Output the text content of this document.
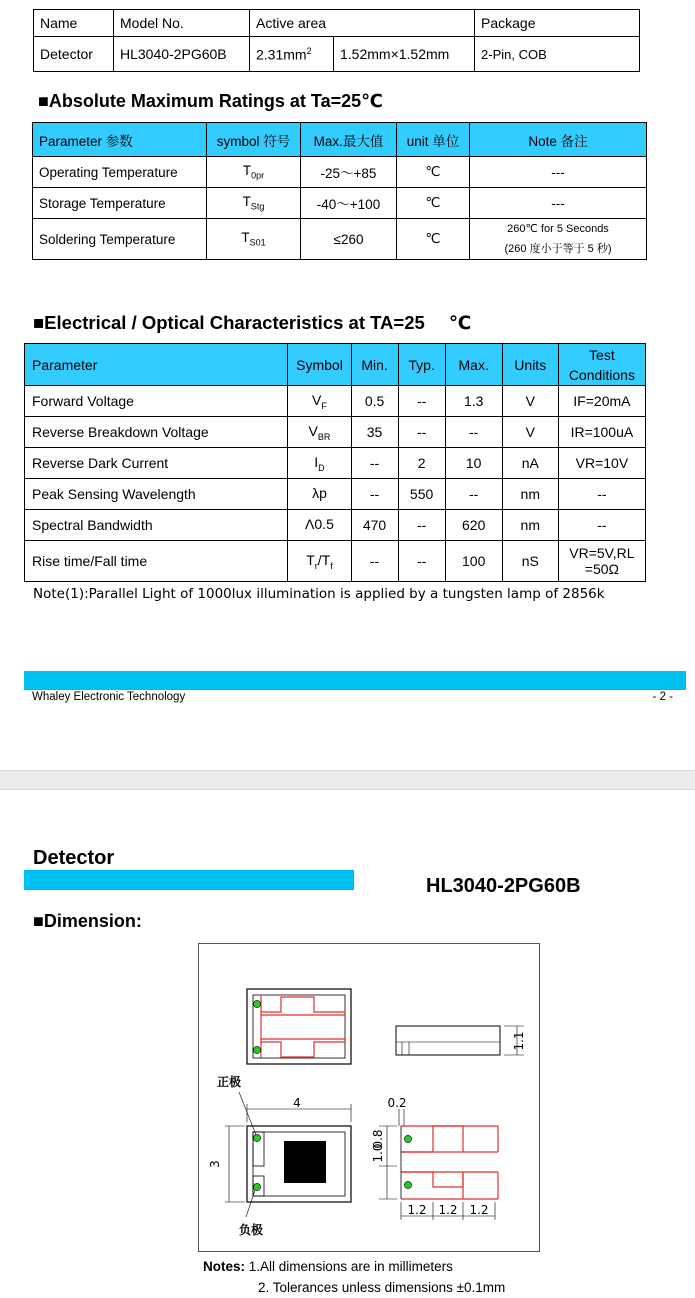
Name	Model No.	Active area		Package
Detector	HL3040-2PG60B	$2.31mm^2$	1.52mm×1.52mm	2-Pin, COB
■Absolute Maximum Ratings at Ta=25℃
Parameter 参数	symbol 符号	Max.最大值	unit 单位	Note 备注
Operating Temperature	$T_{0pr}$	-25～+85	℃	---
Storage Temperature	$T_{Stg}$	-40～+100	℃	---
Soldering Temperature	$T_{S01}$	≤260	℃	260℃ for 5 Seconds
(260 度小于等于 5 秒)
■Electrical / Optical Characteristics at TA=25 ℃
Parameter	Symbol	Min.	Typ.	Max.	Units	Test
Conditions

Forward Voltage	$V_F$	0.5	--	1.3	V	IF=20mA

Reverse Breakdown Voltage	$V_{BR}$	35	--	--	V	IR=100uA

Reverse Dark Current	$I_D$	--	2	10	nA	VR=10V

Peak Sensing Wavelength	λp	--	550	--	nm	--

Spectral Bandwidth	Λ0.5	470	--	620	nm	--

Rise time/Fall time	$T_r/T_f$	--	--	100	nS	VR=5V,RL
=50Ω
Note(1):Parallel Light of 1000lux illumination is applied by a tungsten lamp of 2856k
Whaley Electronic Technology	- 2 -
Detector
HL3040-2PG60B
■Dimension:
1.1
4
3
正极
负极
0.2
0.8
1.0
1.2 1.2 1.2
Notes: 1.All dimensions are in millimeters
2. Tolerances unless dimensions ±0.1mm
